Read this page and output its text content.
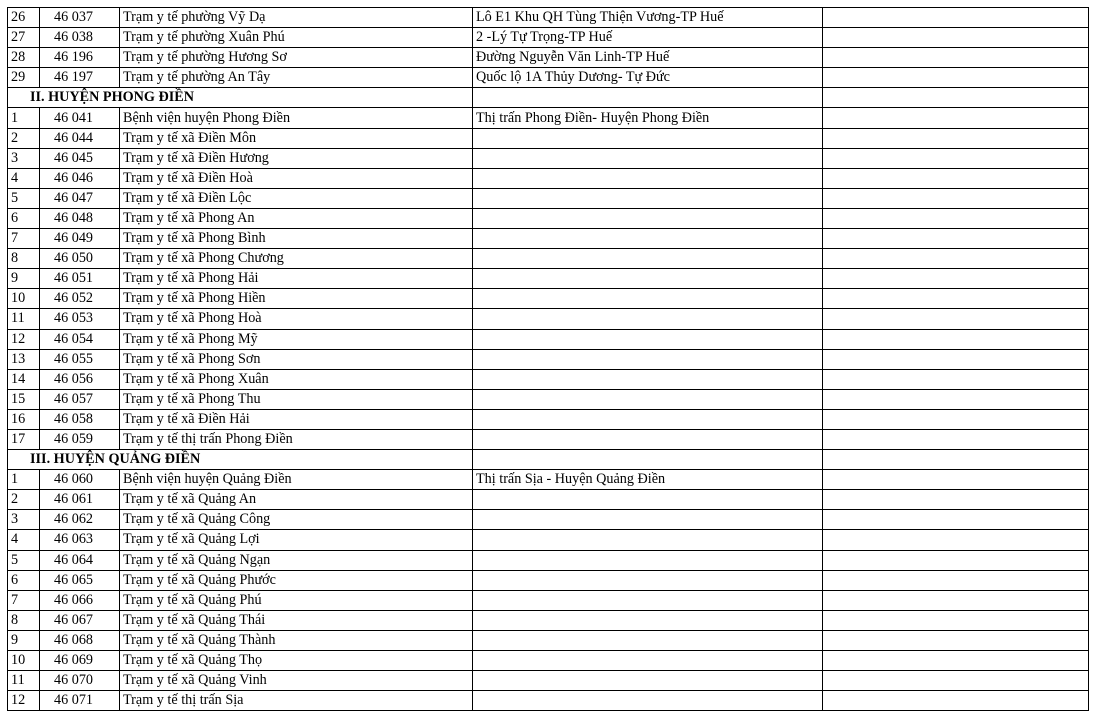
26	46 037	Trạm y tế phường Vỹ Dạ	Lô E1 Khu QH Tùng Thiện Vương-TP Huế	
27	46 038	Trạm y tế phường Xuân Phú	2 -Lý Tự Trọng-TP Huế	
28	46 196	Trạm y tế phường Hương Sơ	Đường Nguyễn Văn Linh-TP Huế	
29	46 197	Trạm y tế phường An Tây	Quốc lộ 1A Thủy Dương- Tự Đức	
II. HUYỆN PHONG ĐIỀN				
1	46 041	Bệnh viện huyện Phong Điền	Thị trấn Phong Điền- Huyện Phong Điền	
2	46 044	Trạm y tế xã Điền Môn		
3	46 045	Trạm y tế xã Điền Hương		
4	46 046	Trạm y tế xã Điền Hoà		
5	46 047	Trạm y tế xã Điền Lộc		
6	46 048	Trạm y tế xã Phong An		
7	46 049	Trạm y tế xã Phong Bình		
8	46 050	Trạm y tế xã Phong Chương		
9	46 051	Trạm y tế xã Phong Hải		
10	46 052	Trạm y tế xã Phong Hiền		
11	46 053	Trạm y tế xã Phong Hoà		
12	46 054	Trạm y tế xã Phong Mỹ		
13	46 055	Trạm y tế xã Phong Sơn		
14	46 056	Trạm y tế xã Phong Xuân		
15	46 057	Trạm y tế xã Phong Thu		
16	46 058	Trạm y tế xã Điền Hải		
17	46 059	Trạm y tế thị trấn Phong Điền		
III. HUYỆN QUẢNG ĐIỀN				
1	46 060	Bệnh viện huyện Quảng Điền	Thị trấn Sịa - Huyện Quảng Điền	
2	46 061	Trạm y tế xã Quảng An		
3	46 062	Trạm y tế xã Quảng Công		
4	46 063	Trạm y tế xã Quảng Lợi		
5	46 064	Trạm y tế xã Quảng Ngạn		
6	46 065	Trạm y tế xã Quảng Phước		
7	46 066	Trạm y tế xã Quảng Phú		
8	46 067	Trạm y tế xã Quảng Thái		
9	46 068	Trạm y tế xã Quảng Thành		
10	46 069	Trạm y tế xã Quảng Thọ		
11	46 070	Trạm y tế xã Quảng Vinh		
12	46 071	Trạm y tế thị trấn Sịa		
